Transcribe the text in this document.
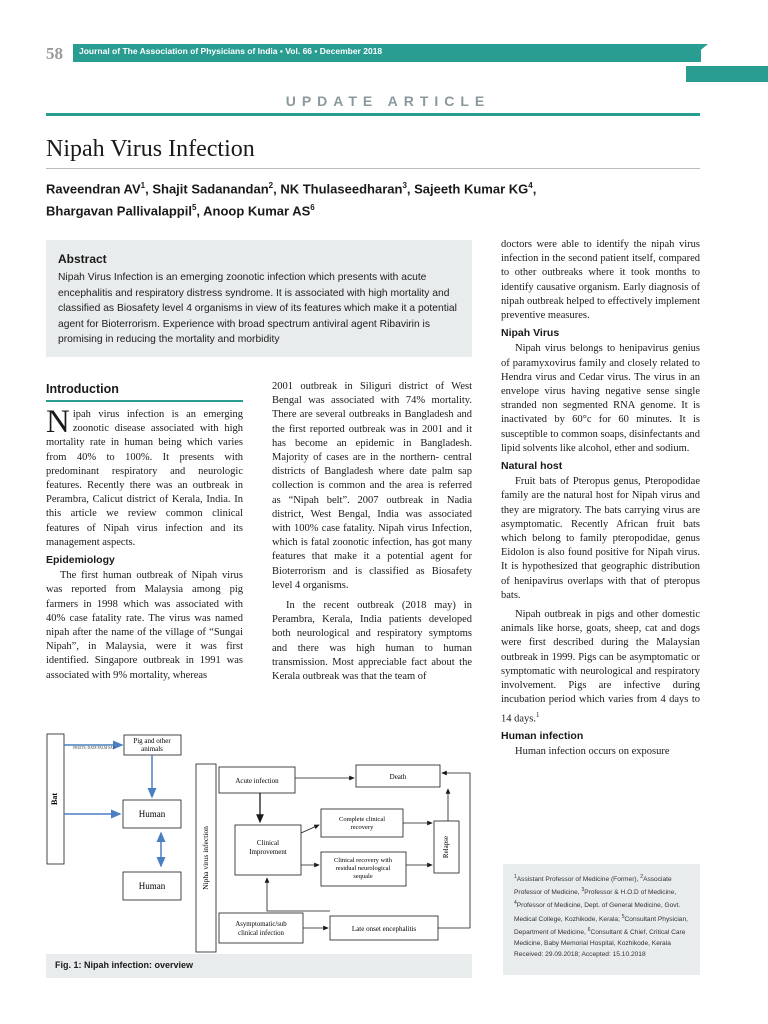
58 Journal of The Association of Physicians of India ▪ Vol. 66 ▪ December 2018
UPDATE ARTICLE
Nipah Virus Infection
Raveendran $AV^1$, Shajit Sadanandan$^2$, NK Thulaseedharan$^3$, Sajeeth Kumar $KG^4$,
Bhargavan Pallivalappil$^5$, Anoop Kumar $AS^6$
Abstract
Nipah Virus Infection is an emerging zoonotic infection which presents with acute encephalitis and respiratory distress syndrome. It is associated with high mortality and classified as Biosafety level 4 organisms in view of its features which make it a potential agent for Bioterrorism. Experience with broad spectrum antiviral agent Ribavirin is promising in reducing the mortality and morbidity
Introduction

Nipah virus infection is an emerging zoonotic disease associated with high mortality rate in human being which varies from 40% to 100%. It presents with predominant respiratory and neurologic features. Recently there was an outbreak in Perambra, Calicut district of Kerala, India. In this article we review common clinical features of Nipah virus infection and its management aspects.

Epidemiology

The first human outbreak of Nipah virus was reported from Malaysia among pig farmers in 1998 which was associated with 40% case fatality rate. The virus was named nipah after the name of the village of “Sungai Nipah”, in Malaysia, were it was first identified. Singapore outbreak in 1991 was associated with 9% mortality, whereas

2001 outbreak in Siliguri district of West Bengal was associated with 74% mortality. There are several outbreaks in Bangladesh and the first reported outbreak was in 2001 and it has become an epidemic in Bangladesh. Majority of cases are in the northern- central districts of Bangladesh where date palm sap collection is common and the area is referred as “Nipah belt”. 2007 outbreak in Nadia district, West Bengal, India was associated with 100% case fatality. Nipah virus Infection, which is fatal zoonotic infection, has got many features that make it a potential agent for Bioterrorism and is classified as Biosafety level 4 organisms.

In the recent outbreak (2018 may) in Perambra, Kerala, India patients developed both neurological and respiratory symptoms and there was high human to human transmission. Most appreciable fact about the Kerala outbreak was that the team of

doctors were able to identify the nipah virus infection in the second patient itself, compared to other outbreaks where it took months to identify causative organism. Early diagnosis of nipah outbreak helped to effectively implement preventive measures.

Nipah Virus

Nipah virus belongs to henipavirus genius of paramyxovirus family and closely related to Hendra virus and Cedar virus. The virus in an envelope virus having negative sense single stranded non segmented RNA genome. It is inactivated by 60°c for 60 minutes. It is susceptible to common soaps, disinfectants and lipid solvents like alcohol, ether and sodium.

Natural host

Fruit bats of Pteropus genus, Pteropodidae family are the natural host for Nipah virus and they are migratory. The bats carrying virus are asymptomatic. Recently African fruit bats which belong to family pteropodidae, genus Eidolon is also found positive for Nipah virus. It is hypothesized that geographic distribution of henipavirus overlaps with that of pteropus bats.

Nipah outbreak in pigs and other domestic animals like horse, goats, sheep, cat and dogs were first described during the Malaysian outbreak in 1999. Pigs can be asymptomatic or symptomatic with neurological and respiratory involvement. Pigs are infective during incubation period which varies from 4 days to 14 days.$^1$

Human infection

Human infection occurs on exposure

Bat
FRUITS, DATE PALM SAP
Pig and other
animals
Human
Human	Nipha virus infection
Acute infection	Death
Clinical
Improvement
Complete clinical
recovery
Clinical recovery with
residual neurological
sequale
Relapse
Asymptomatic/sub
clinical infection
Late onset encephalitis
Fig. 1: Nipah infection: overview
$^1$Assistant Professor of Medicine (Former), $^2$Associate Professor of Medicine, $^3$Professor & H.O.D of Medicine, $^4$Professor of Medicine, Dept. of General Medicine, Govt. Medical College, Kozhikode, Kerala; $^5$Consultant Physician, Department of Medicine, $^6$Consultant & Chief, Critical Care Medicine, Baby Memorial Hospital, Kozhikode, Kerala
Received: 29.09.2018; Accepted: 15.10.2018
